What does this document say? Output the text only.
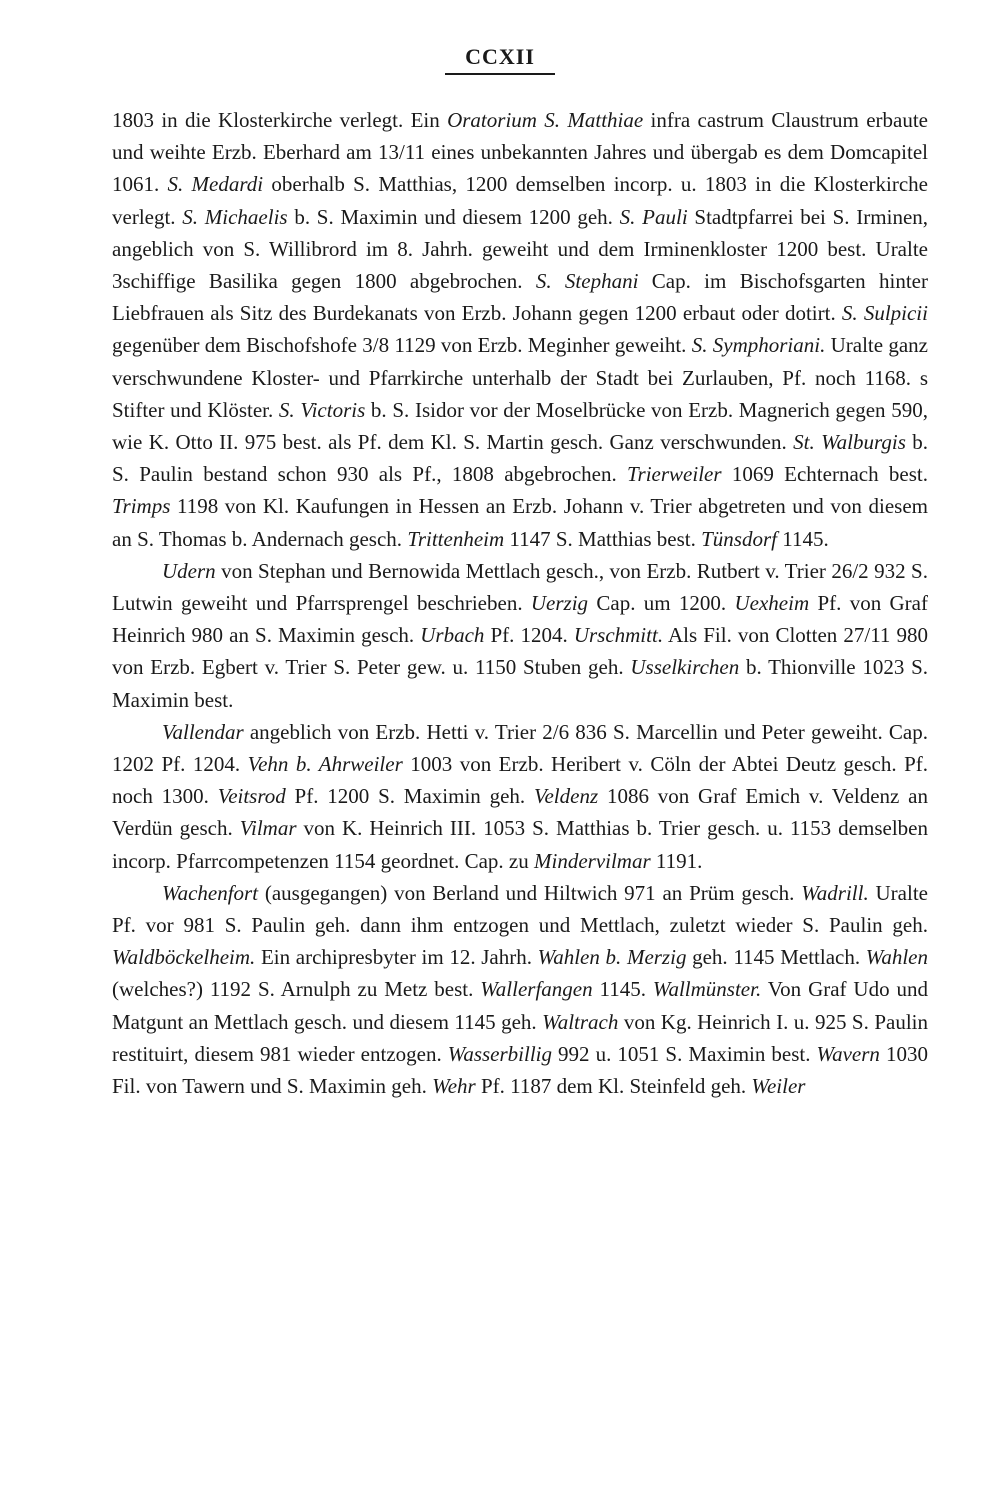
CCXII

1803 in die Klosterkirche verlegt. Ein Oratorium S. Matthiae infra castrum Claustrum erbaute und weihte Erzb. Eberhard am 13/11 eines unbekannten Jahres und übergab es dem Domcapitel 1061. S. Medardi oberhalb S. Matthias, 1200 demselben incorp. u. 1803 in die Klosterkirche verlegt. S. Michaelis b. S. Maximin und diesem 1200 geh. S. Pauli Stadtpfarrei bei S. Irminen, angeblich von S. Willibrord im 8. Jahrh. geweiht und dem Irminenkloster 1200 best. Uralte 3schiffige Basilika gegen 1800 abgebrochen. S. Stephani Cap. im Bischofsgarten hinter Liebfrauen als Sitz des Burdekanats von Erzb. Johann gegen 1200 erbaut oder dotirt. S. Sulpicii gegenüber dem Bischofshofe 3/8 1129 von Erzb. Meginher geweiht. S. Symphoriani. Uralte ganz verschwundene Kloster- und Pfarrkirche unterhalb der Stadt bei Zurlauben, Pf. noch 1168. s Stifter und Klöster. S. Victoris b. S. Isidor vor der Moselbrücke von Erzb. Magnerich gegen 590, wie K. Otto II. 975 best. als Pf. dem Kl. S. Martin gesch. Ganz verschwunden. St. Walburgis b. S. Paulin bestand schon 930 als Pf., 1808 abgebrochen. Trierweiler 1069 Echternach best. Trimps 1198 von Kl. Kaufungen in Hessen an Erzb. Johann v. Trier abgetreten und von diesem an S. Thomas b. Andernach gesch. Trittenheim 1147 S. Matthias best. Tünsdorf 1145.

Udern von Stephan und Bernowida Mettlach gesch., von Erzb. Rutbert v. Trier 26/2 932 S. Lutwin geweiht und Pfarrsprengel beschrieben. Uerzig Cap. um 1200. Uexheim Pf. von Graf Heinrich 980 an S. Maximin gesch. Urbach Pf. 1204. Urschmitt. Als Fil. von Clotten 27/11 980 von Erzb. Egbert v. Trier S. Peter gew. u. 1150 Stuben geh. Usselkirchen b. Thionville 1023 S. Maximin best.

Vallendar angeblich von Erzb. Hetti v. Trier 2/6 836 S. Marcellin und Peter geweiht. Cap. 1202 Pf. 1204. Vehn b. Ahrweiler 1003 von Erzb. Heribert v. Cöln der Abtei Deutz gesch. Pf. noch 1300. Veitsrod Pf. 1200 S. Maximin geh. Veldenz 1086 von Graf Emich v. Veldenz an Verdün gesch. Vilmar von K. Heinrich III. 1053 S. Matthias b. Trier gesch. u. 1153 demselben incorp. Pfarrcompetenzen 1154 geordnet. Cap. zu Mindervilmar 1191.

Wachenfort (ausgegangen) von Berland und Hiltwich 971 an Prüm gesch. Wadrill. Uralte Pf. vor 981 S. Paulin geh. dann ihm entzogen und Mettlach, zuletzt wieder S. Paulin geh. Waldböckelheim. Ein archipresbyter im 12. Jahrh. Wahlen b. Merzig geh. 1145 Mettlach. Wahlen (welches?) 1192 S. Arnulph zu Metz best. Wallerfangen 1145. Wallmünster. Von Graf Udo und Matgunt an Mettlach gesch. und diesem 1145 geh. Waltrach von Kg. Heinrich I. u. 925 S. Paulin restituirt, diesem 981 wieder entzogen. Wasserbillig 992 u. 1051 S. Maximin best. Wavern 1030 Fil. von Tawern und S. Maximin geh. Wehr Pf. 1187 dem Kl. Steinfeld geh. Weiler
